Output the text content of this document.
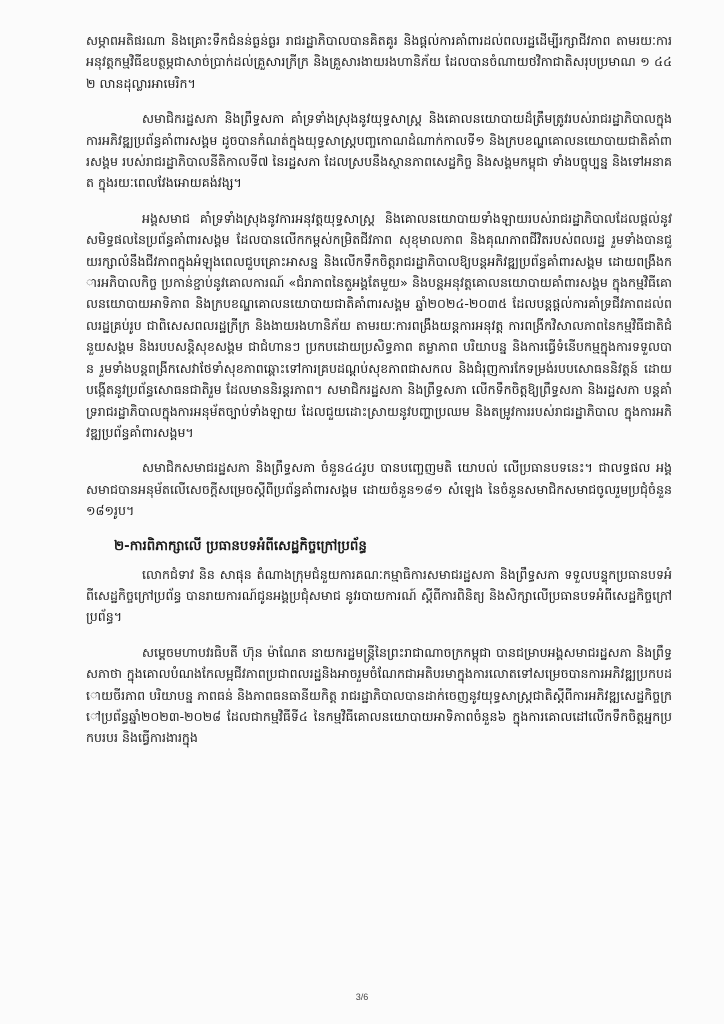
សម្ភាពអតិផរណា និងគ្រោះទឹកជំនន់ធ្ងន់ធ្ងរ រាជរដ្ឋាភិបាលបានគិតគូរ និងផ្តល់ការគាំពារដល់ពលរដ្ឋដើម្បីរក្សាជីវភាព តាមរយៈការអនុវត្តកម្មវិធីឧបត្ថម្ភជាសាច់ប្រាក់ដល់គ្រួសារក្រីក្រ និងគ្រួសារងាយរងហានិភ័យ ដែលបានចំណាយថវិកាជាតិសរុបប្រមាណ ១ ៤៤២ លានដុល្លារអាមេរិក។

សមាជិករដ្ឋសភា និងព្រឹទ្ធសភា គាំទ្រទាំងស្រុងនូវយុទ្ធសាស្ត្រ និងគោលនយោបាយដ៏ត្រឹមត្រូវរបស់រាជរដ្ឋាភិបាលក្នុងការអភិវឌ្ឍប្រព័ន្ធគាំពារសង្គម ដូចបានកំណត់ក្នុងយុទ្ធសាស្ត្របញ្ចកោណដំណាក់កាលទី១ និងក្របខណ្ឌគោលនយោបាយជាតិគាំពារសង្គម របស់រាជរដ្ឋាភិបាលនីតិកាលទី៧ នៃរដ្ឋសភា ដែលស្របនឹងស្ថានភាពសេដ្ឋកិច្ច និងសង្គមកម្ពុជា ទាំងបច្ចុប្បន្ន និងទៅអនាគត ក្នុងរយៈពេលវែងអោយគង់វង្ស។

អង្គសមាជ គាំទ្រទាំងស្រុងនូវការអនុវត្តយុទ្ធសាស្ត្រ និងគោលនយោបាយទាំងឡាយរបស់រាជរដ្ឋាភិបាលដែលផ្តល់នូវសមិទ្ធផលនៃប្រព័ន្ធគាំពារសង្គម ដែលបានលើកកម្ពស់កម្រិតជីវភាព សុខុមាលភាព និងគុណភាពជីវិតរបស់ពលរដ្ឋ រួមទាំងបានជួយរក្សាលំនឹងជីវភាពក្នុងអំឡុងពេលជួបគ្រោះអាសន្ន និងលើកទឹកចិត្តរាជរដ្ឋាភិបាលឱ្យបន្តអភិវឌ្ឍប្រព័ន្ធគាំពារសង្គម ដោយពង្រឹងការអភិបាលកិច្ច ប្រកាន់ខ្ជាប់នូវគោលការណ៍ «ជំរាភាពនៃតួអង្គតែមួយ» និងបន្តអនុវត្តគោលនយោបាយគាំពារសង្គម ក្នុងកម្មវិធីគោលនយោបាយអាទិភាព និងក្របខណ្ឌគោលនយោបាយជាតិគាំពារសង្គម ឆ្នាំ២០២៤-២០៣៥ ដែលបន្តផ្តល់ការគាំទ្រជីវភាពដល់ពលរដ្ឋគ្រប់រូប ជាពិសេសពលរដ្ឋក្រីក្រ និងងាយរងហានិភ័យ តាមរយៈការពង្រឹងយន្តការអនុវត្ត ការពង្រីកវិសាលភាពនៃកម្មវិធីជាតិជំនួយសង្គម និងរបបសន្តិសុខសង្គម ជាជំហានៗ ប្រកបដោយប្រសិទ្ធភាព តម្លាភាព បរិយាបន្ន និងការធ្វើទំនើបកម្មក្នុងការទទួលបាន រួមទាំងបន្តពង្រីកសេវាថែទាំសុខភាពឆ្ពោះទៅការគ្របដណ្តប់សុខភាពជាសកល និងជំរុញការកែទម្រង់របបសោធននិវត្តន៍ ដោយបង្កើតនូវប្រព័ន្ធសោធនជាតិរួម ដែលមាននិរន្តរភាព។ សមាជិករដ្ឋសភា និងព្រឹទ្ធសភា លើកទឹកចិត្តឱ្យព្រឹទ្ធសភា និងរដ្ឋសភា បន្តគាំទ្ររាជរដ្ឋាភិបាលក្នុងការអនុម័តច្បាប់ទាំងឡាយ ដែលជួយដោះស្រាយនូវបញ្ហាប្រឈម និងតម្រូវការរបស់រាជរដ្ឋាភិបាល ក្នុងការអភិវឌ្ឍប្រព័ន្ធគាំពារសង្គម។

សមាជិកសមាជរដ្ឋសភា និងព្រឹទ្ធសភា ចំនួន៤៤រូប បានបញ្ចេញមតិ យោបល់ លើប្រធានបទនេះ។ ជាលទ្ធផល អង្គសមាជបានអនុម័តលើសេចក្តីសម្រេចស្តីពីប្រព័ន្ធគាំពារសង្គម ដោយចំនួន១៨១ សំឡេង នៃចំនួនសមាជិកសមាជចូលរួមប្រជុំចំនួន១៨១រូប។

២-ការពិភាក្សាលើ ប្រធានបទអំពីសេដ្ឋកិច្ចក្រៅប្រព័ន្ធ

លោកជំទាវ និន សាផុន តំណាងក្រុមជំនួយការគណៈកម្មាធិការសមាជរដ្ឋសភា និងព្រឹទ្ធសភា ទទួលបន្ទុកប្រធានបទអំពីសេដ្ឋកិច្ចក្រៅប្រព័ន្ធ បានរាយការណ៍ជូនអង្គប្រជុំសមាជ នូវរបាយការណ៍ ស្តីពីការពិនិត្យ និងសិក្សាលើប្រធានបទអំពីសេដ្ឋកិច្ចក្រៅប្រព័ន្ធ។

សម្តេចមហាបវរធិបតី ហ៊ុន ម៉ាណែត នាយករដ្ឋមន្ត្រីនៃព្រះរាជាណាចក្រកម្ពុជា បានជម្រាបអង្គសមាជរដ្ឋសភា និងព្រឹទ្ធសភាថា ក្នុងគោលបំណងកែលម្អជីវភាពប្រជាពលរដ្ឋនិងអាចរួមចំណែកជាអតិបរមាក្នុងការលោតទៅសម្រេចបានការអភិវឌ្ឍប្រកបដោយចីរភាព បរិយាបន្ន ភាពធន់ និងភាពធនធានីយកិត្ត រាជរដ្ឋាភិបាលបានដាក់ចេញនូវយុទ្ធសាស្ត្រជាតិស្តីពីការអភិវឌ្ឍសេដ្ឋកិច្ចក្រៅប្រព័ន្ធឆ្នាំ២០២៣-២០២៨ ដែលជាកម្មវិធីទី៤ នៃកម្មវិធីគោលនយោបាយអាទិភាពចំនួន៦ ក្នុងការគោលដៅលើកទឹកចិត្តអ្នកប្រកបរបរ និងធ្វើការងារក្នុង

3/6
